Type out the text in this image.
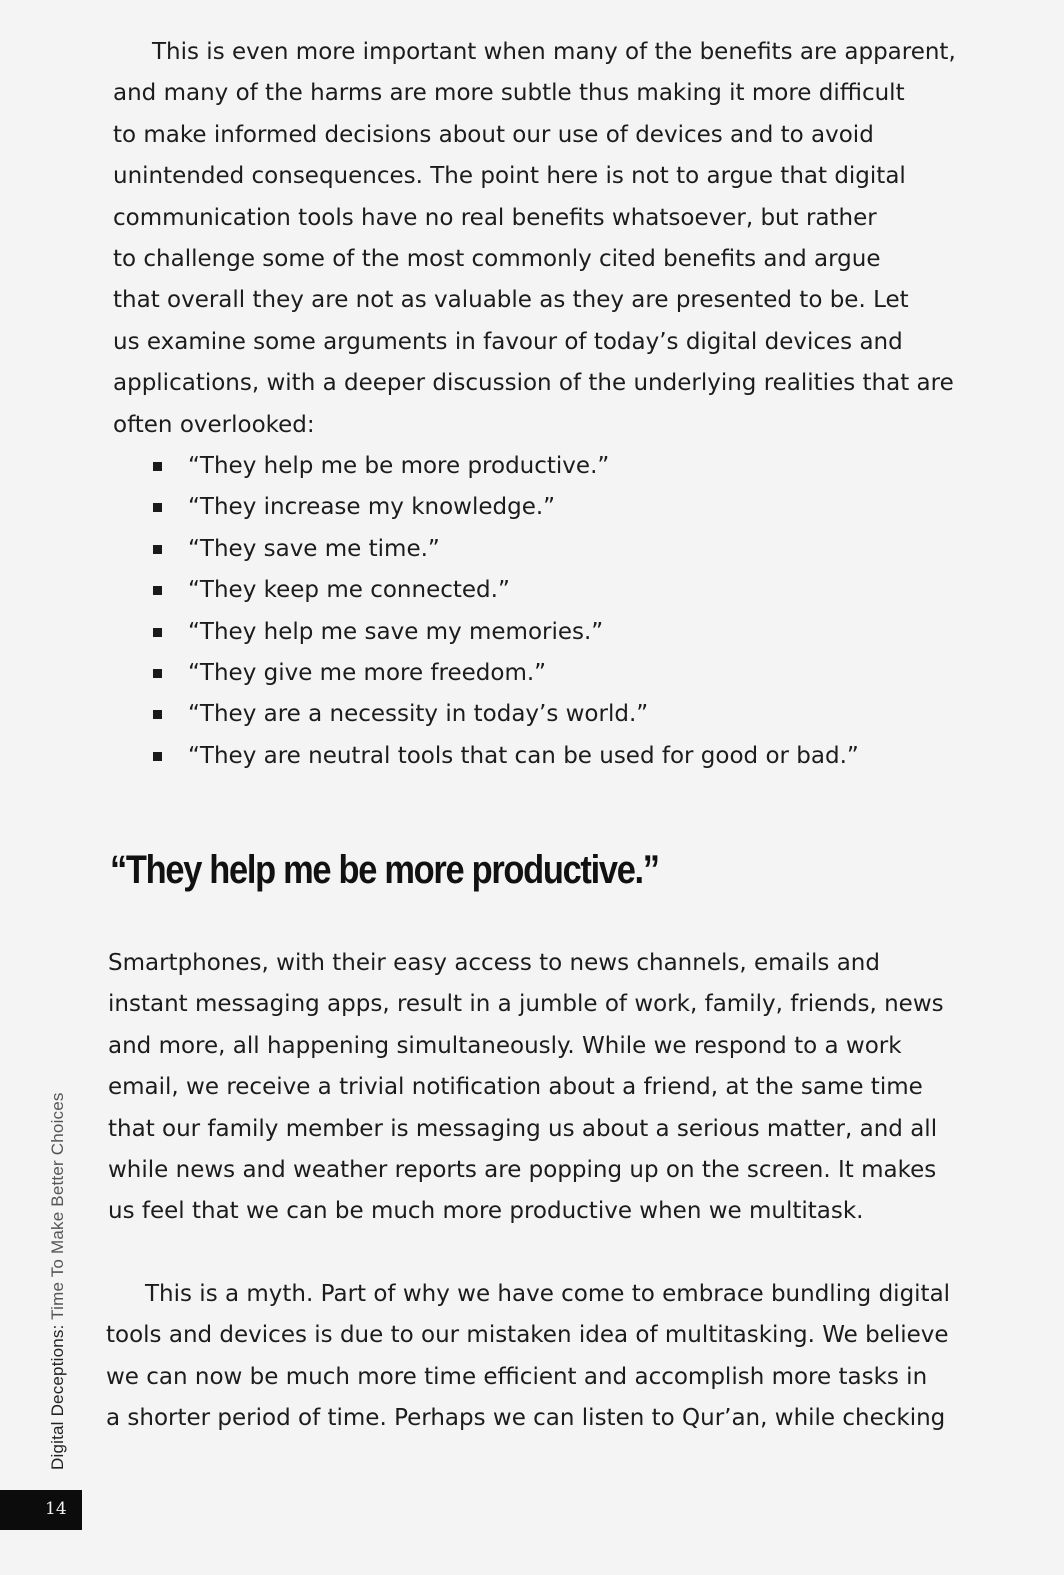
This is even more important when many of the benefits are apparent,
and many of the harms are more subtle thus making it more difficult
to make informed decisions about our use of devices and to avoid
unintended consequences. The point here is not to argue that digital
communication tools have no real benefits whatsoever, but rather
to challenge some of the most commonly cited benefits and argue
that overall they are not as valuable as they are presented to be. Let
us examine some arguments in favour of today’s digital devices and
applications, with a deeper discussion of the underlying realities that are
often overlooked:
“They help me be more productive.”
“They increase my knowledge.”
“They save me time.”
“They keep me connected.”
“They help me save my memories.”
“They give me more freedom.”
“They are a necessity in today’s world.”
“They are neutral tools that can be used for good or bad.”
“They help me be more productive.”
Smartphones, with their easy access to news channels, emails and
instant messaging apps, result in a jumble of work, family, friends, news
and more, all happening simultaneously. While we respond to a work
email, we receive a trivial notification about a friend, at the same time
that our family member is messaging us about a serious matter, and all
while news and weather reports are popping up on the screen. It makes
us feel that we can be much more productive when we multitask.
This is a myth. Part of why we have come to embrace bundling digital
tools and devices is due to our mistaken idea of multitasking. We believe
we can now be much more time efficient and accomplish more tasks in
a shorter period of time. Perhaps we can listen to Qur’an, while checking
Digital Deceptions: Time To Make Better Choices
14
